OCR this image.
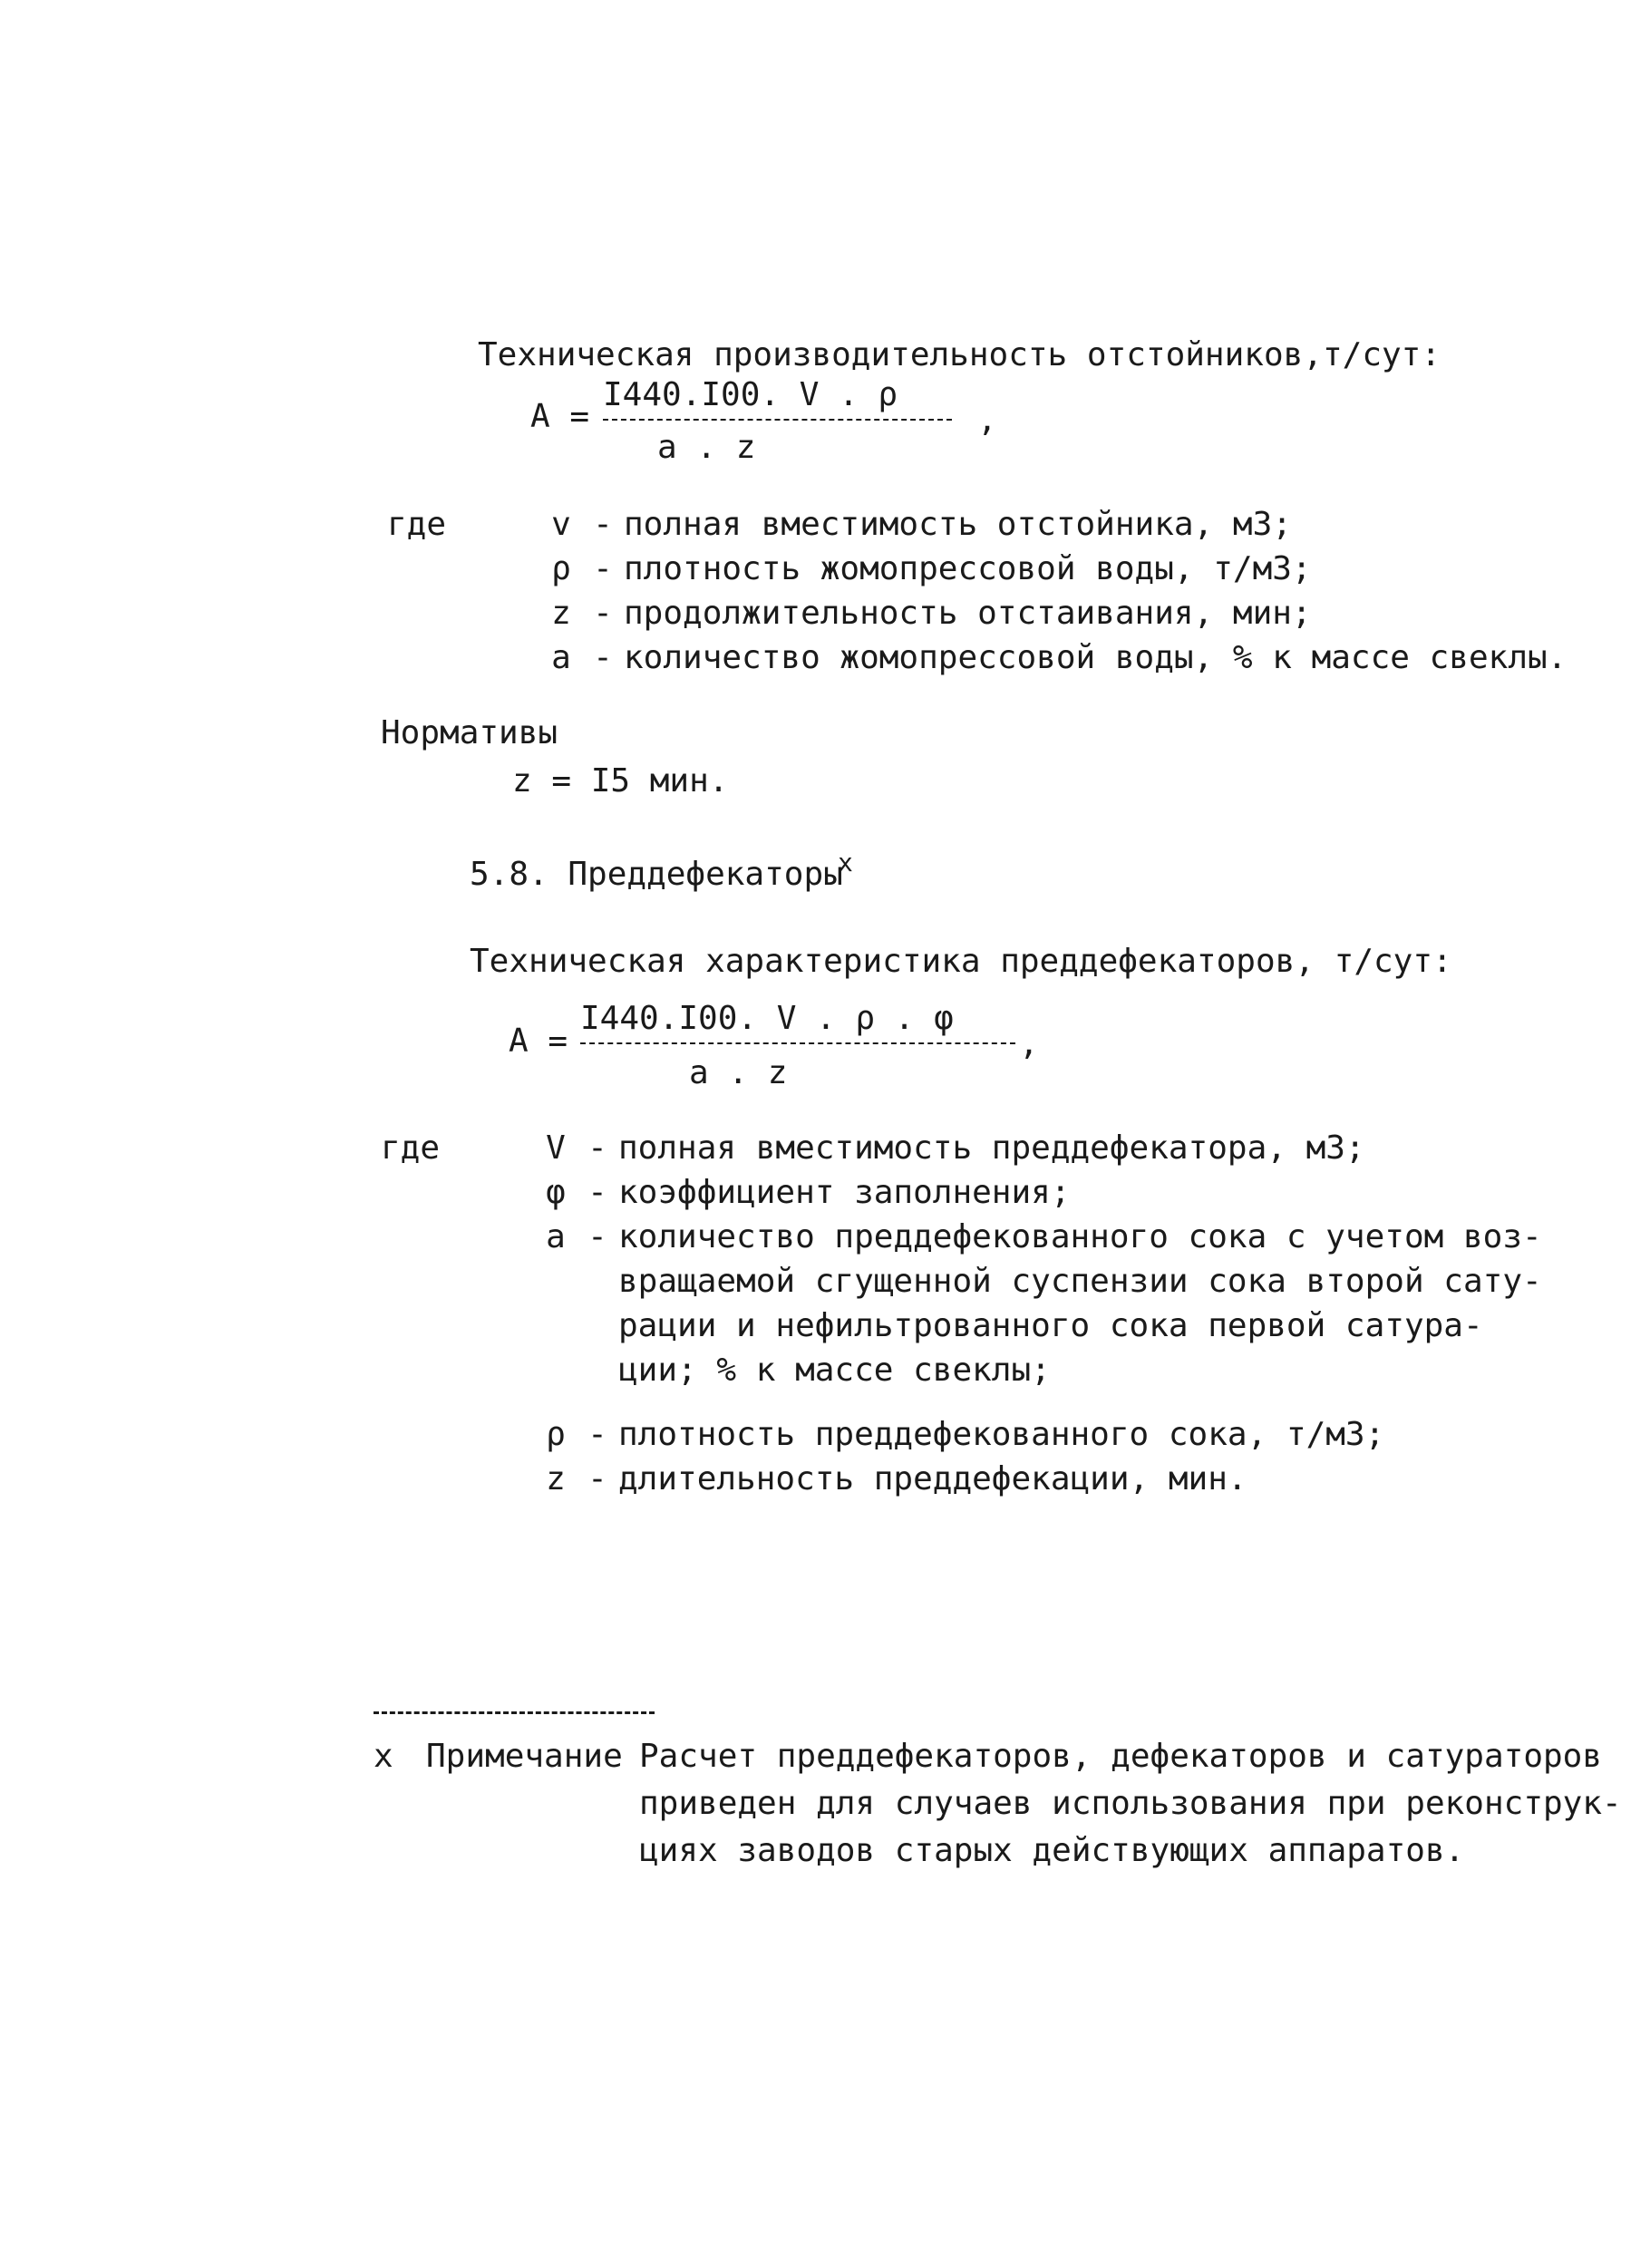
Техническая производительность отстойников,т/сут:
A =
I440.I00. V . ρ
,
a . z
где	v - полная вместимость отстойника, м3;
ρ - плотность жомопрессовой воды, т/м3;
z - продолжительность отстаивания, мин;
a - количество жомопрессовой воды, % к массе свеклы.
Нормативы
z = I5 мин.
5.8. Преддефекаторы
х
Техническая характеристика преддефекаторов, т/сут:
A =
I440.I00. V . ρ . φ
,
a . z
где	V - полная вместимость преддефекатора, м3;
φ - коэффициент заполнения;
a - количество преддефекованного сока с учетом воз-
вращаемой сгущенной суспензии сока второй сату-
рации и нефильтрованного сока первой сатура-
ции; % к массе свеклы;
ρ - плотность преддефекованного сока, т/м3;
z - длительность преддефекации, мин.
х Примечание Расчет преддефекаторов, дефекаторов и сатураторов
приведен для случаев использования при реконструк-
циях заводов старых действующих аппаратов.
